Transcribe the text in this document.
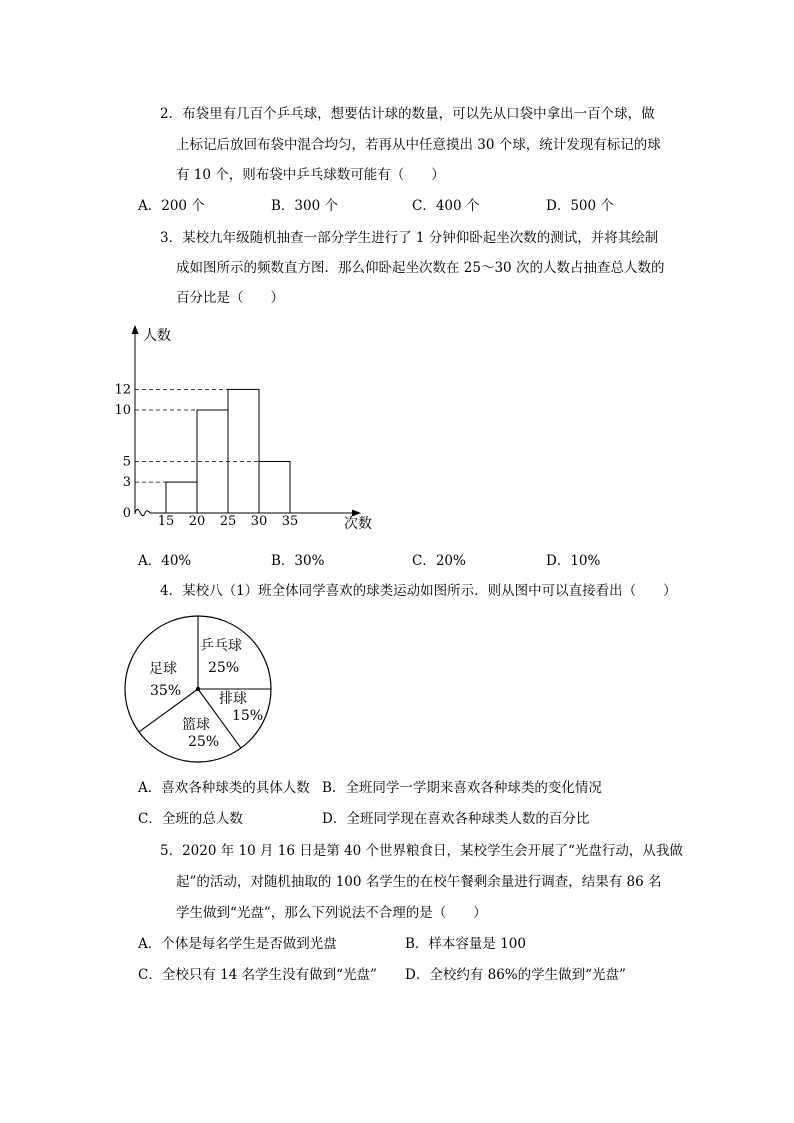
2．布袋里有几百个乒乓球，想要估计球的数量，可以先从口袋中拿出一百个球，做
上标记后放回布袋中混合均匀，若再从中任意摸出 30 个球，统计发现有标记的球
有 10 个，则布袋中乒乓球数可能有（　　）
A．200 个	B．300 个	C．400 个	D．500 个
3．某校九年级随机抽查一部分学生进行了 1 分钟仰卧起坐次数的测试，并将其绘制
成如图所示的频数直方图．那么仰卧起坐次数在 25～30 次的人数占抽查总人数的
百分比是（　　）
人数
次数
0
3
5
10
12
15 20 25 30 35
A．40%	B．30%	C．20%	D．10%
4．某校八（1）班全体同学喜欢的球类运动如图所示．则从图中可以直接看出（　　）
乒乓球
25%
排球
15%
篮球
25%
足球
35%
A．喜欢各种球类的具体人数 B．全班同学一学期来喜欢各种球类的变化情况
C．全班的总人数	D．全班同学现在喜欢各种球类人数的百分比
5．2020 年 10 月 16 日是第 40 个世界粮食日，某校学生会开展了“光盘行动，从我做
起”的活动，对随机抽取的 100 名学生的在校午餐剩余量进行调查，结果有 86 名
学生做到“光盘”，那么下列说法不合理的是（　　）
A．个体是每名学生是否做到光盘	B．样本容量是 100
C．全校只有 14 名学生没有做到“光盘” D．全校约有 86%的学生做到“光盘”
